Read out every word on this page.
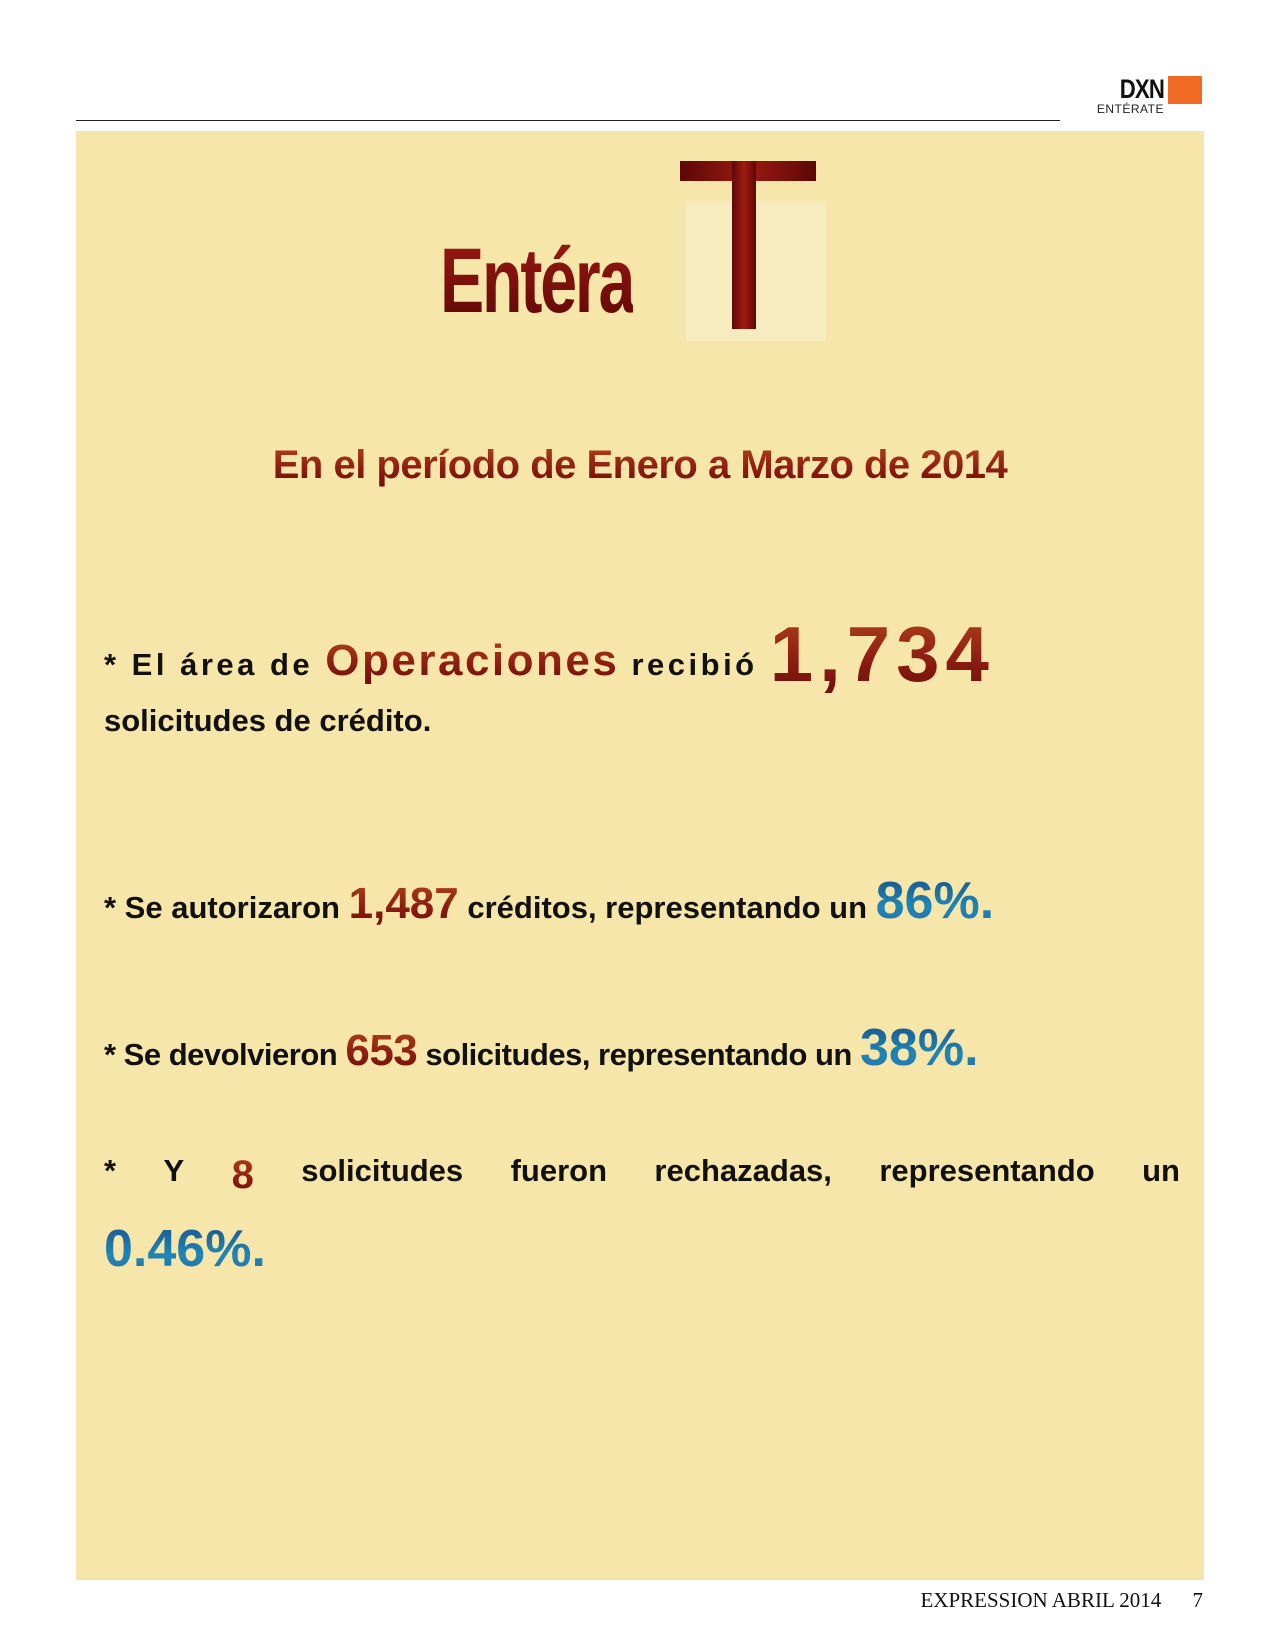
DXN
ENTÉRATE
Entéra
En el período de Enero a Marzo de 2014
* El área de Operaciones recibió 1,734
solicitudes de crédito.
* Se autorizaron 1,487 créditos, representando un 86%.
* Se devolvieron 653 solicitudes, representando un 38%.
* Y 8 solicitudes fueron rechazadas, representando un
0.46%.
EXPRESSION ABRIL 2014 7
